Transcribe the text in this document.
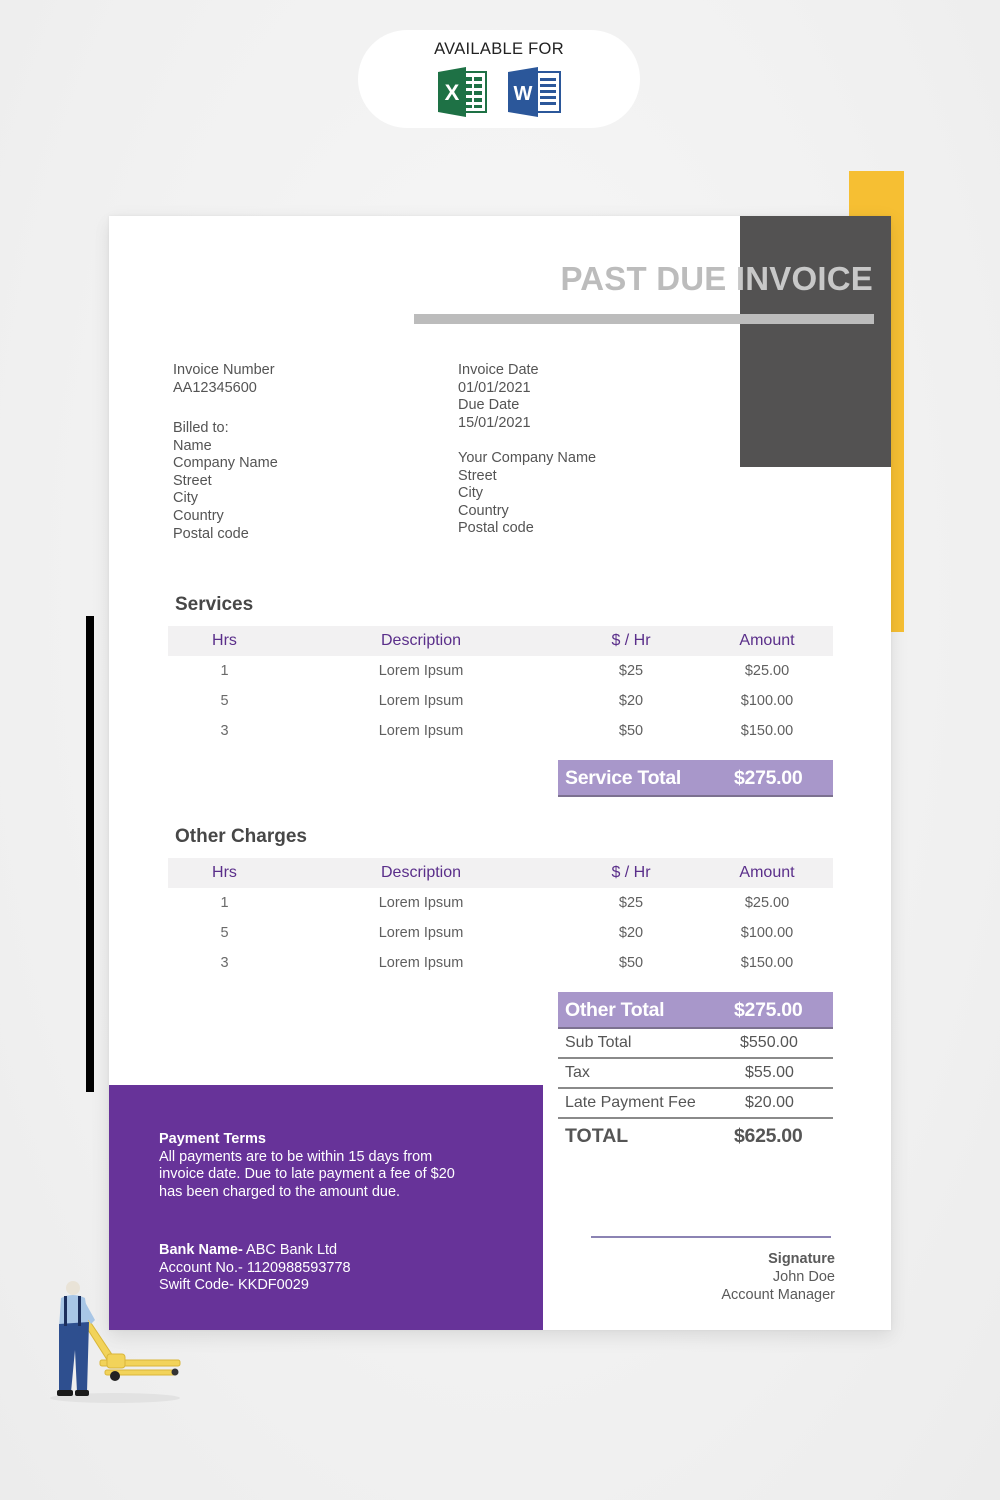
AVAILABLE FOR
X	W
PAST DUE INVOICE
Invoice Number
AA12345600
Billed to:
Name
Company Name
Street
City
Country
Postal code
Invoice Date
01/01/2021
Due Date
15/01/2021
Your Company Name
Street
City
Country
Postal code
Services
Hrs	Description	$ / Hr	Amount
1	Lorem Ipsum	$25	$25.00
5	Lorem Ipsum	$20	$100.00
3	Lorem Ipsum	$50	$150.00
Service Total	$275.00
Other Charges
Hrs	Description	$ / Hr	Amount
1	Lorem Ipsum	$25	$25.00
5	Lorem Ipsum	$20	$100.00
3	Lorem Ipsum	$50	$150.00
Other Total	$275.00
Sub Total	$550.00
Tax	$55.00
Late Payment Fee	$20.00
TOTAL	$625.00
Payment Terms
All payments are to be within 15 days from
invoice date. Due to late payment a fee of $20
has been charged to the amount due.
Bank Name- ABC Bank Ltd
Account No.- 1120988593778
Swift Code- KKDF0029
Signature
John Doe
Account Manager
